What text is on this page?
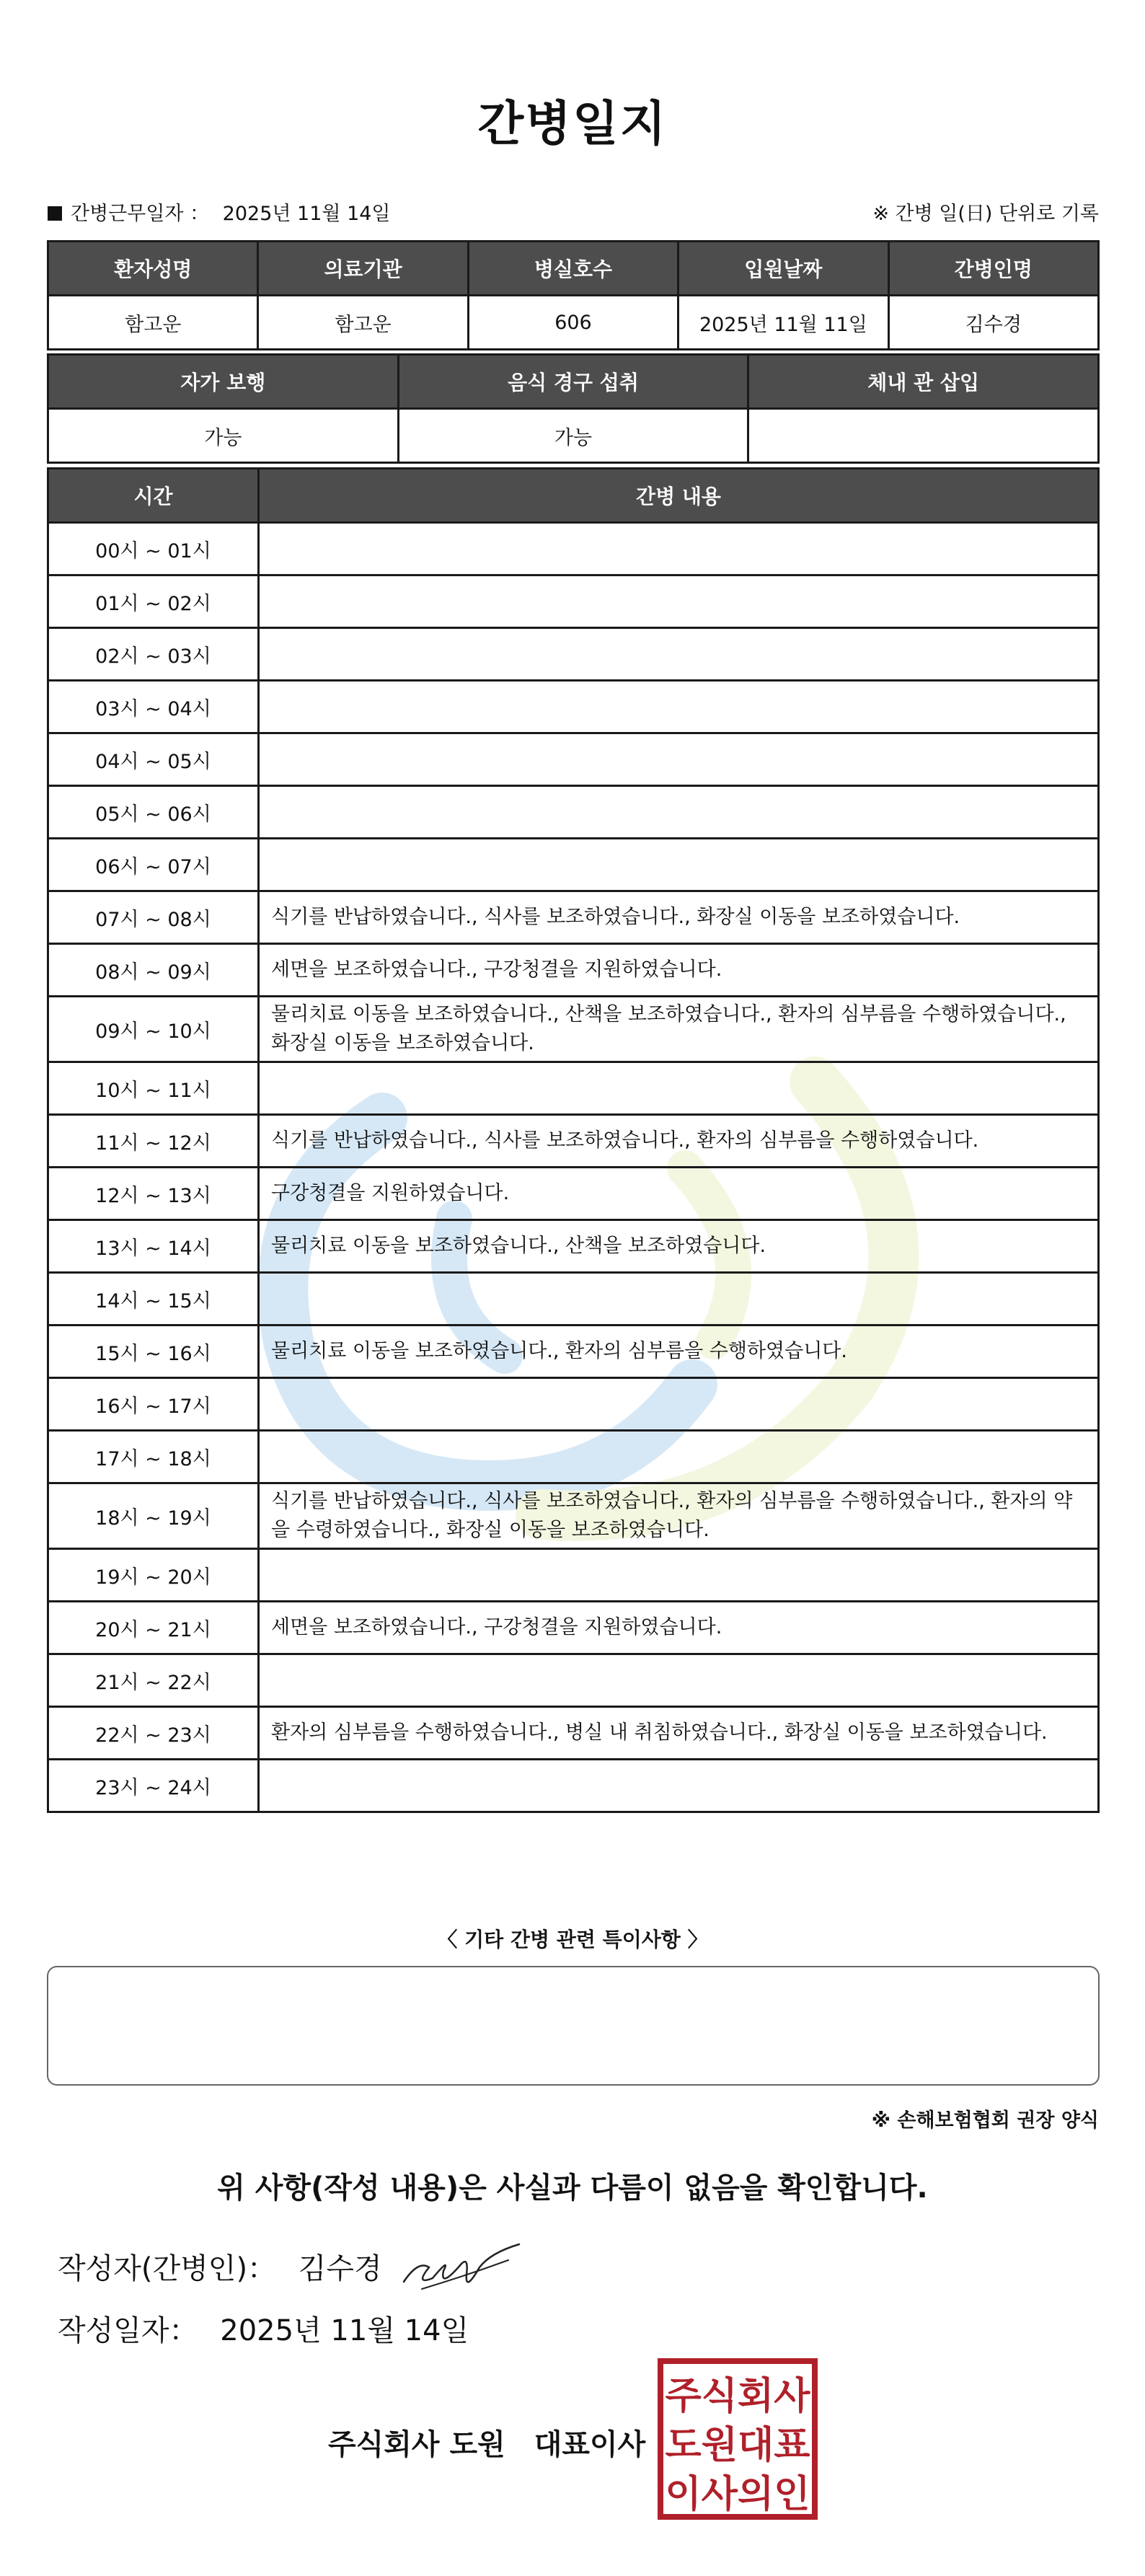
간병일지
간병근무일자 ： 2025년 11월 14일	※ 간병 일(日) 단위로 기록
환자성명	의료기관	병실호수	입원날짜	간병인명
함고운	함고운	606	2025년 11월 11일	김수경
자가 보행	음식 경구 섭취	체내 관 삽입
가능	가능	
시간	간병 내용
00시 ~ 01시	
01시 ~ 02시	
02시 ~ 03시	
03시 ~ 04시	
04시 ~ 05시	
05시 ~ 06시	
06시 ~ 07시	
07시 ~ 08시	식기를 반납하였습니다., 식사를 보조하였습니다., 화장실 이동을 보조하였습니다.
08시 ~ 09시	세면을 보조하였습니다., 구강청결을 지원하였습니다.
09시 ~ 10시	물리치료 이동을 보조하였습니다., 산책을 보조하였습니다., 환자의 심부름을 수행하였습니다., 화장실 이동을 보조하였습니다.
10시 ~ 11시	
11시 ~ 12시	식기를 반납하였습니다., 식사를 보조하였습니다., 환자의 심부름을 수행하였습니다.
12시 ~ 13시	구강청결을 지원하였습니다.
13시 ~ 14시	물리치료 이동을 보조하였습니다., 산책을 보조하였습니다.
14시 ~ 15시	
15시 ~ 16시	물리치료 이동을 보조하였습니다., 환자의 심부름을 수행하였습니다.
16시 ~ 17시	
17시 ~ 18시	
18시 ~ 19시	식기를 반납하였습니다., 식사를 보조하였습니다., 환자의 심부름을 수행하였습니다., 환자의 약을 수령하였습니다., 화장실 이동을 보조하였습니다.
19시 ~ 20시	
20시 ~ 21시	세면을 보조하였습니다., 구강청결을 지원하였습니다.
21시 ~ 22시	
22시 ~ 23시	환자의 심부름을 수행하였습니다., 병실 내 취침하였습니다., 화장실 이동을 보조하였습니다.
23시 ~ 24시	
〈 기타 간병 관련 특이사항 〉
※ 손해보험협회 권장 양식
위 사항(작성 내용)은 사실과 다름이 없음을 확인합니다.
작성자(간병인)： 김수경
작성일자： 2025년 11월 14일
주식회사 도원 대표이사
주식회사
도원대표
이사의인
